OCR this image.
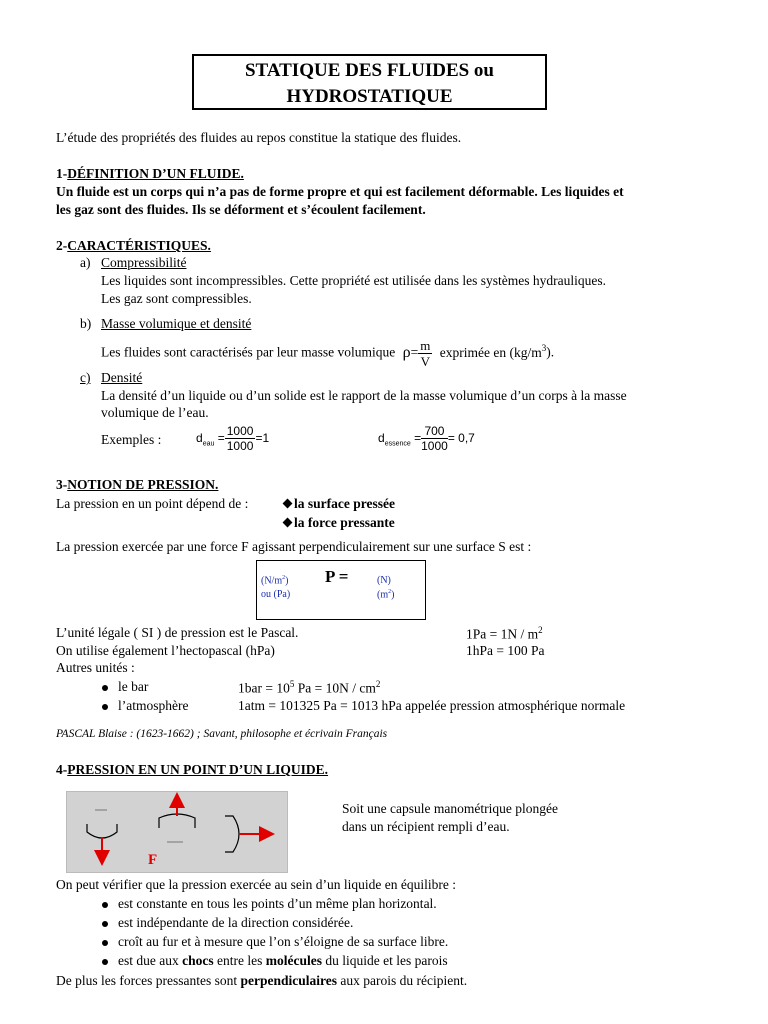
STATIQUE DES FLUIDES ou
HYDROSTATIQUE
L’étude des propriétés des fluides au repos constitue la statique des fluides.
1-DÉFINITION D’UN FLUIDE.
Un fluide est un corps qui n’a pas de forme propre et qui est facilement déformable. Les liquides et
les gaz sont des fluides. Ils se déforment et s’écoulent facilement.
2-CARACTÉRISTIQUES.
a) Compressibilité
Les liquides sont incompressibles. Cette propriété est utilisée dans les systèmes hydrauliques.
Les gaz sont compressibles.
b) Masse volumique et densité
Les fluides sont caractérisés par leur masse volumique $\rho= \frac{m}{V}$ exprimée en $(kg/m^3)$.
c) Densité
La densité d’un liquide ou d’un solide est le rapport de la masse volumique d’un corps à la masse
volumique de l’eau.
Exemples :	$d_{eau} = \frac{1000}{1000} =1$	$d_{essence} = \frac{700}{1000} = 0,7$
3-NOTION DE PRESSION.
La pression en un point dépend de :	la surface pressée
la force pressante
La pression exercée par une force F agissant perpendiculairement sur une surface S est :
$(N/m^2)$
ou (Pa)
P =	(N)
$(m^2)$
L’unité légale ( SI ) de pression est le Pascal.	$1Pa = 1N / m^2$
On utilise également l’hectopascal (hPa)	1hPa = 100 Pa
Autres unités :
le bar	$1bar = 10^5$ $Pa = 10N / cm^2$
l’atmosphère	1atm = 101325 Pa = 1013 hPa appelée pression atmosphérique normale
PASCAL Blaise : (1623-1662) ; Savant, philosophe et écrivain Français
4-PRESSION EN UN POINT D’UN LIQUIDE.
F
Soit une capsule manométrique plongée
dans un récipient rempli d’eau.
On peut vérifier que la pression exercée au sein d’un liquide en équilibre :
est constante en tous les points d’un même plan horizontal.
est indépendante de la direction considérée.
croît au fur et à mesure que l’on s’éloigne de sa surface libre.
est due aux chocs entre les molécules du liquide et les parois
De plus les forces pressantes sont perpendiculaires aux parois du récipient.
